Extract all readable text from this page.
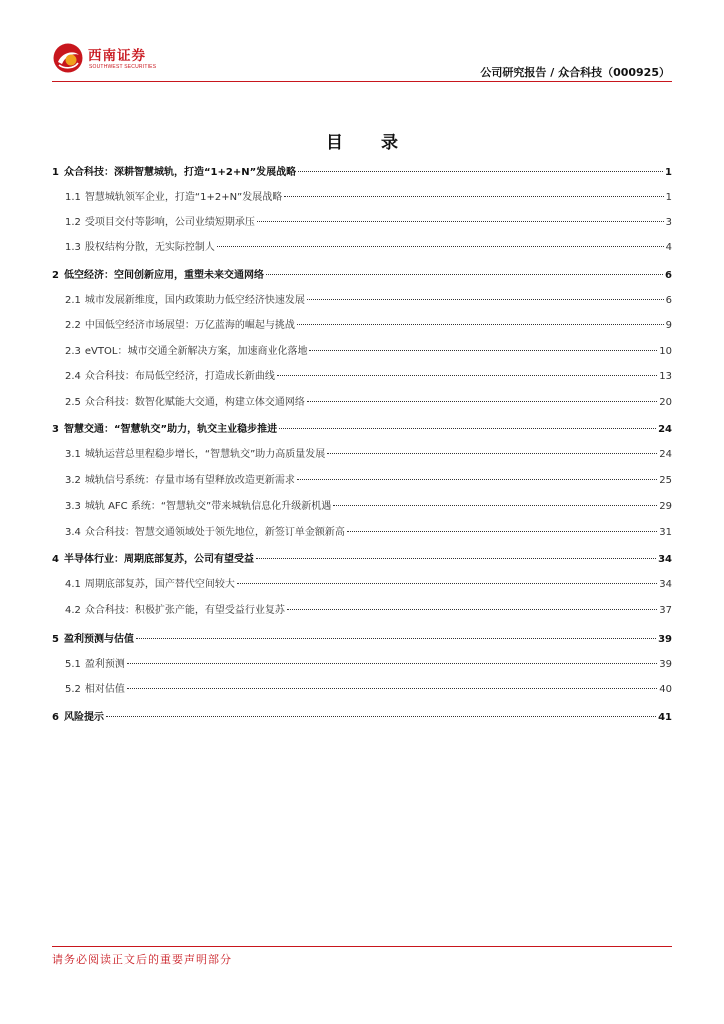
西南证券
SOUTHWEST SECURITIES	公司研究报告 / 众合科技（000925）
目 录
1 众合科技：深耕智慧城轨，打造“1+2+N”发展战略	1
1.1 智慧城轨领军企业，打造“1+2+N”发展战略	1
1.2 受项目交付等影响，公司业绩短期承压	3
1.3 股权结构分散，无实际控制人	4
2 低空经济：空间创新应用，重塑未来交通网络	6
2.1 城市发展新维度，国内政策助力低空经济快速发展	6
2.2 中国低空经济市场展望：万亿蓝海的崛起与挑战	9
2.3 eVTOL：城市交通全新解决方案，加速商业化落地	10
2.4 众合科技：布局低空经济，打造成长新曲线	13
2.5 众合科技：数智化赋能大交通，构建立体交通网络	20
3 智慧交通：“智慧轨交”助力，轨交主业稳步推进	24
3.1 城轨运营总里程稳步增长，“智慧轨交”助力高质量发展	24
3.2 城轨信号系统：存量市场有望释放改造更新需求	25
3.3 城轨 AFC 系统：“智慧轨交”带来城轨信息化升级新机遇	29
3.4 众合科技：智慧交通领域处于领先地位，新签订单金额新高	31
4 半导体行业：周期底部复苏，公司有望受益	34
4.1 周期底部复苏，国产替代空间较大	34
4.2 众合科技：积极扩张产能，有望受益行业复苏	37
5 盈利预测与估值	39
5.1 盈利预测	39
5.2 相对估值	40
6 风险提示	41
请务必阅读正文后的重要声明部分
